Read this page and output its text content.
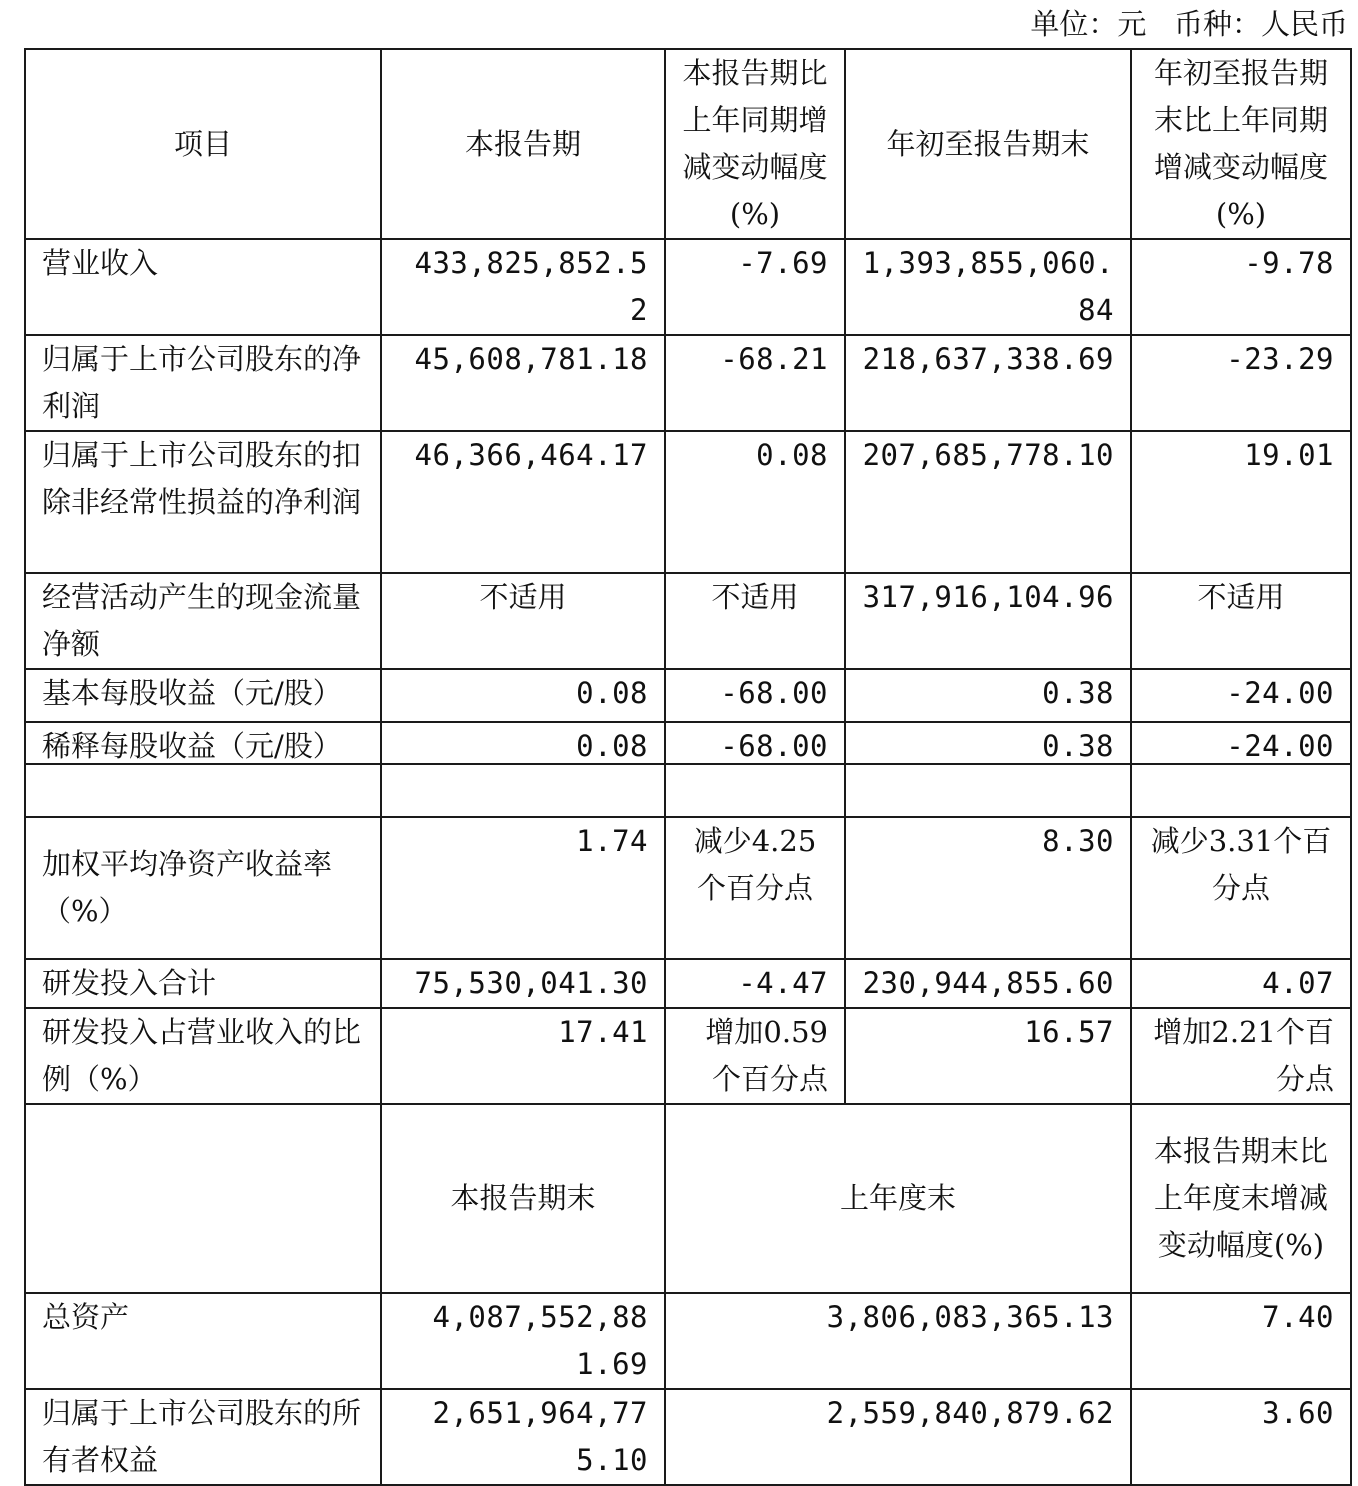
单位：元   币种：人民币
项目	本报告期	本报告期比上年同期增减变动幅度(%)	年初至报告期末	年初至报告期末比上年同期增减变动幅度(%)
营业收入	433,825,852.52	-7.69	1,393,855,060.84	-9.78
归属于上市公司股东的净利润	45,608,781.18	-68.21	218,637,338.69	-23.29
归属于上市公司股东的扣除非经常性损益的净利润	46,366,464.17	0.08	207,685,778.10	19.01
经营活动产生的现金流量净额	不适用	不适用	317,916,104.96	不适用
基本每股收益（元/股）	0.08	-68.00	0.38	-24.00
稀释每股收益（元/股）	0.08	-68.00	0.38	-24.00
加权平均净资产收益率（%）	1.74	减少4.25个百分点	8.30	减少3.31个百分点
研发投入合计	75,530,041.30	-4.47	230,944,855.60	4.07
研发投入占营业收入的比例（%）	17.41	增加0.59个百分点	16.57	增加2.21个百分点
	本报告期末	上年度末		本报告期末比上年度末增减变动幅度(%)
总资产	4,087,552,881.69	3,806,083,365.13		7.40
归属于上市公司股东的所有者权益	2,651,964,775.10	2,559,840,879.62		3.60
